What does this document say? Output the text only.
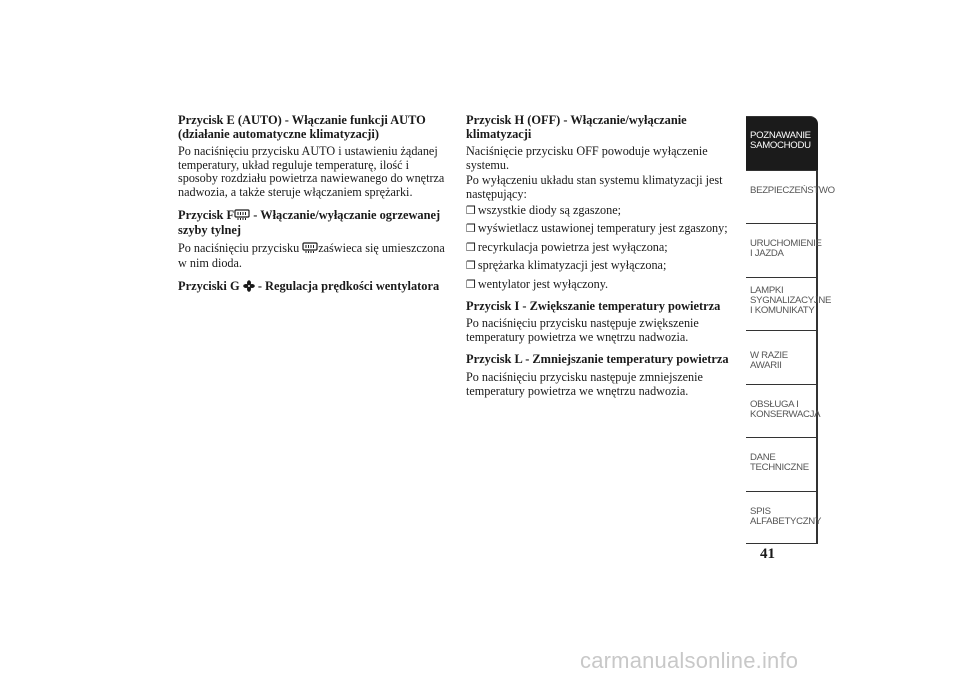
Przycisk E (AUTO) - Włączanie funkcji AUTO (działanie automatyczne klimatyzacji)

Po naciśnięciu przycisku AUTO i ustawieniu żądanej temperatury, układ reguluje temperaturę, ilość i sposoby rozdziału powietrza nawiewanego do wnętrza nadwozia, a także steruje włączaniem sprężarki.

Przycisk F - Włączanie/wyłączanie ogrzewanej szyby tylnej

Po naciśnięciu przycisku zaświeca się umieszczona w nim dioda.

Przyciski G  - Regulacja prędkości wentylatora
Przycisk H (OFF) - Włączanie/wyłączanie klimatyzacji

Naciśnięcie przycisku OFF powoduje wyłączenie systemu.

Po wyłączeniu układu stan systemu klimatyzacji jest następujący:

❒ wszystkie diody są zgaszone;
❒ wyświetlacz ustawionej temperatury jest zgaszony;
❒ recyrkulacja powietrza jest wyłączona;
❒ sprężarka klimatyzacji jest wyłączona;
❒ wentylator jest wyłączony.
Przycisk I - Zwiększanie temperatury powietrza

Po naciśnięciu przycisku następuje zwiększenie temperatury powietrza we wnętrzu nadwozia.

Przycisk L - Zmniejszanie temperatury powietrza

Po naciśnięciu przycisku następuje zmniejszenie temperatury powietrza we wnętrzu nadwozia.

POZNAWANIE SAMOCHODU
BEZPIECZEŃSTWO
URUCHOMIENIE I JAZDA
LAMPKI SYGNALIZACYJNE I KOMUNIKATY
W RAZIE AWARII
OBSŁUGA I KONSERWACJA
DANE TECHNICZNE
SPIS ALFABETYCZNY
41
carmanualsonline.info
